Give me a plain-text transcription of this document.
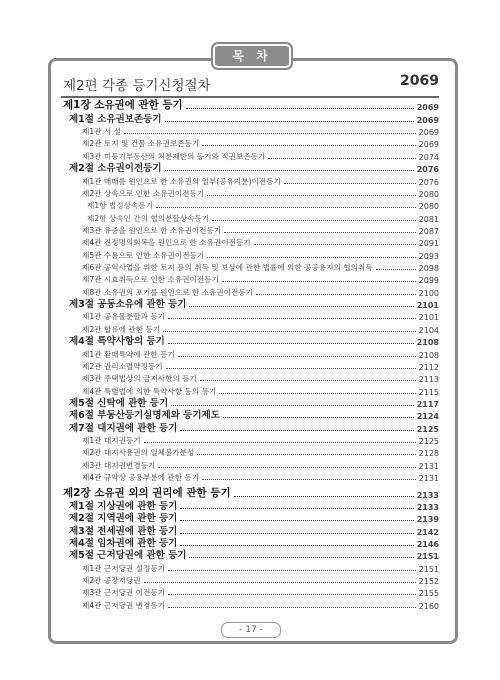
목 차
제2편 각종 등기신청절차	2069
제1장 소유권에 관한 등기	2069
제1절 소유권보존등기	2069
제1관 서 설	2069
제2관 토지 및 건물 소유권보존등기	2069
제3관 미등기부동산의 처분제한의 등기와 직권보존등기	2074
제2절 소유권이전등기	2076
제1관 매매를 원인으로 한 소유권의 일부(공유지분)이전등기	2076
제2관 상속으로 인한 소유권이전등기	2080
제1항 법정상속등기	2080
제2항 상속인 간의 협의분할상속등기	2081
제3관 유증을 원인으로 한 소유권이전등기	2087
제4관 진정명의회복을 원인으로 한 소유권이전등기	2091
제5관 수용으로 인한 소유권이전등기	2093
제6관 공익사업을 위한 토지 등의 취득 및 보상에 관한 법률에 의한 공공용지의 협의취득	2098
제7관 시효취득으로 인한 소유권이전등기	2099
제8관 소유권의 포기를 원인으로 한 소유권이전등기	2100
제3절 공동소유에 관한 등기	2101
제1관 공유물분할과 등기	2101
제2관 합유에 관한 등기	2104
제4절 특약사항의 등기	2108
제1관 환매특약에 관한 등기	2108
제2관 권리소멸약정등기	2112
제3관 주택법상의 금지사항의 등기	2113
제4관 특별법에 의한 특약사항 등의 등기	2115
제5절 신탁에 관한 등기	2117
제6절 부동산등기실명제와 등기제도	2124
제7절 대지권에 관한 등기	2125
제1관 대지권등기	2125
제2관 대지사용권의 일체불가분성	2128
제3관 대지권변경등기	2131
제4관 규약상 공용부분에 관한 등기	2131
제2장 소유권 외의 권리에 관한 등기	2133
제1절 지상권에 관한 등기	2133
제2절 지역권에 관한 등기	2139
제3절 전세권에 관한 등기	2142
제4절 임차권에 관한 등기	2146
제5절 근저당권에 관한 등기	2151
제1관 근저당권 설정등기	2151
제2관 공장저당권	2152
제3관 근저당권 이전등기	2155
제4관 근저당권 변경등기	2160
- 17 -
